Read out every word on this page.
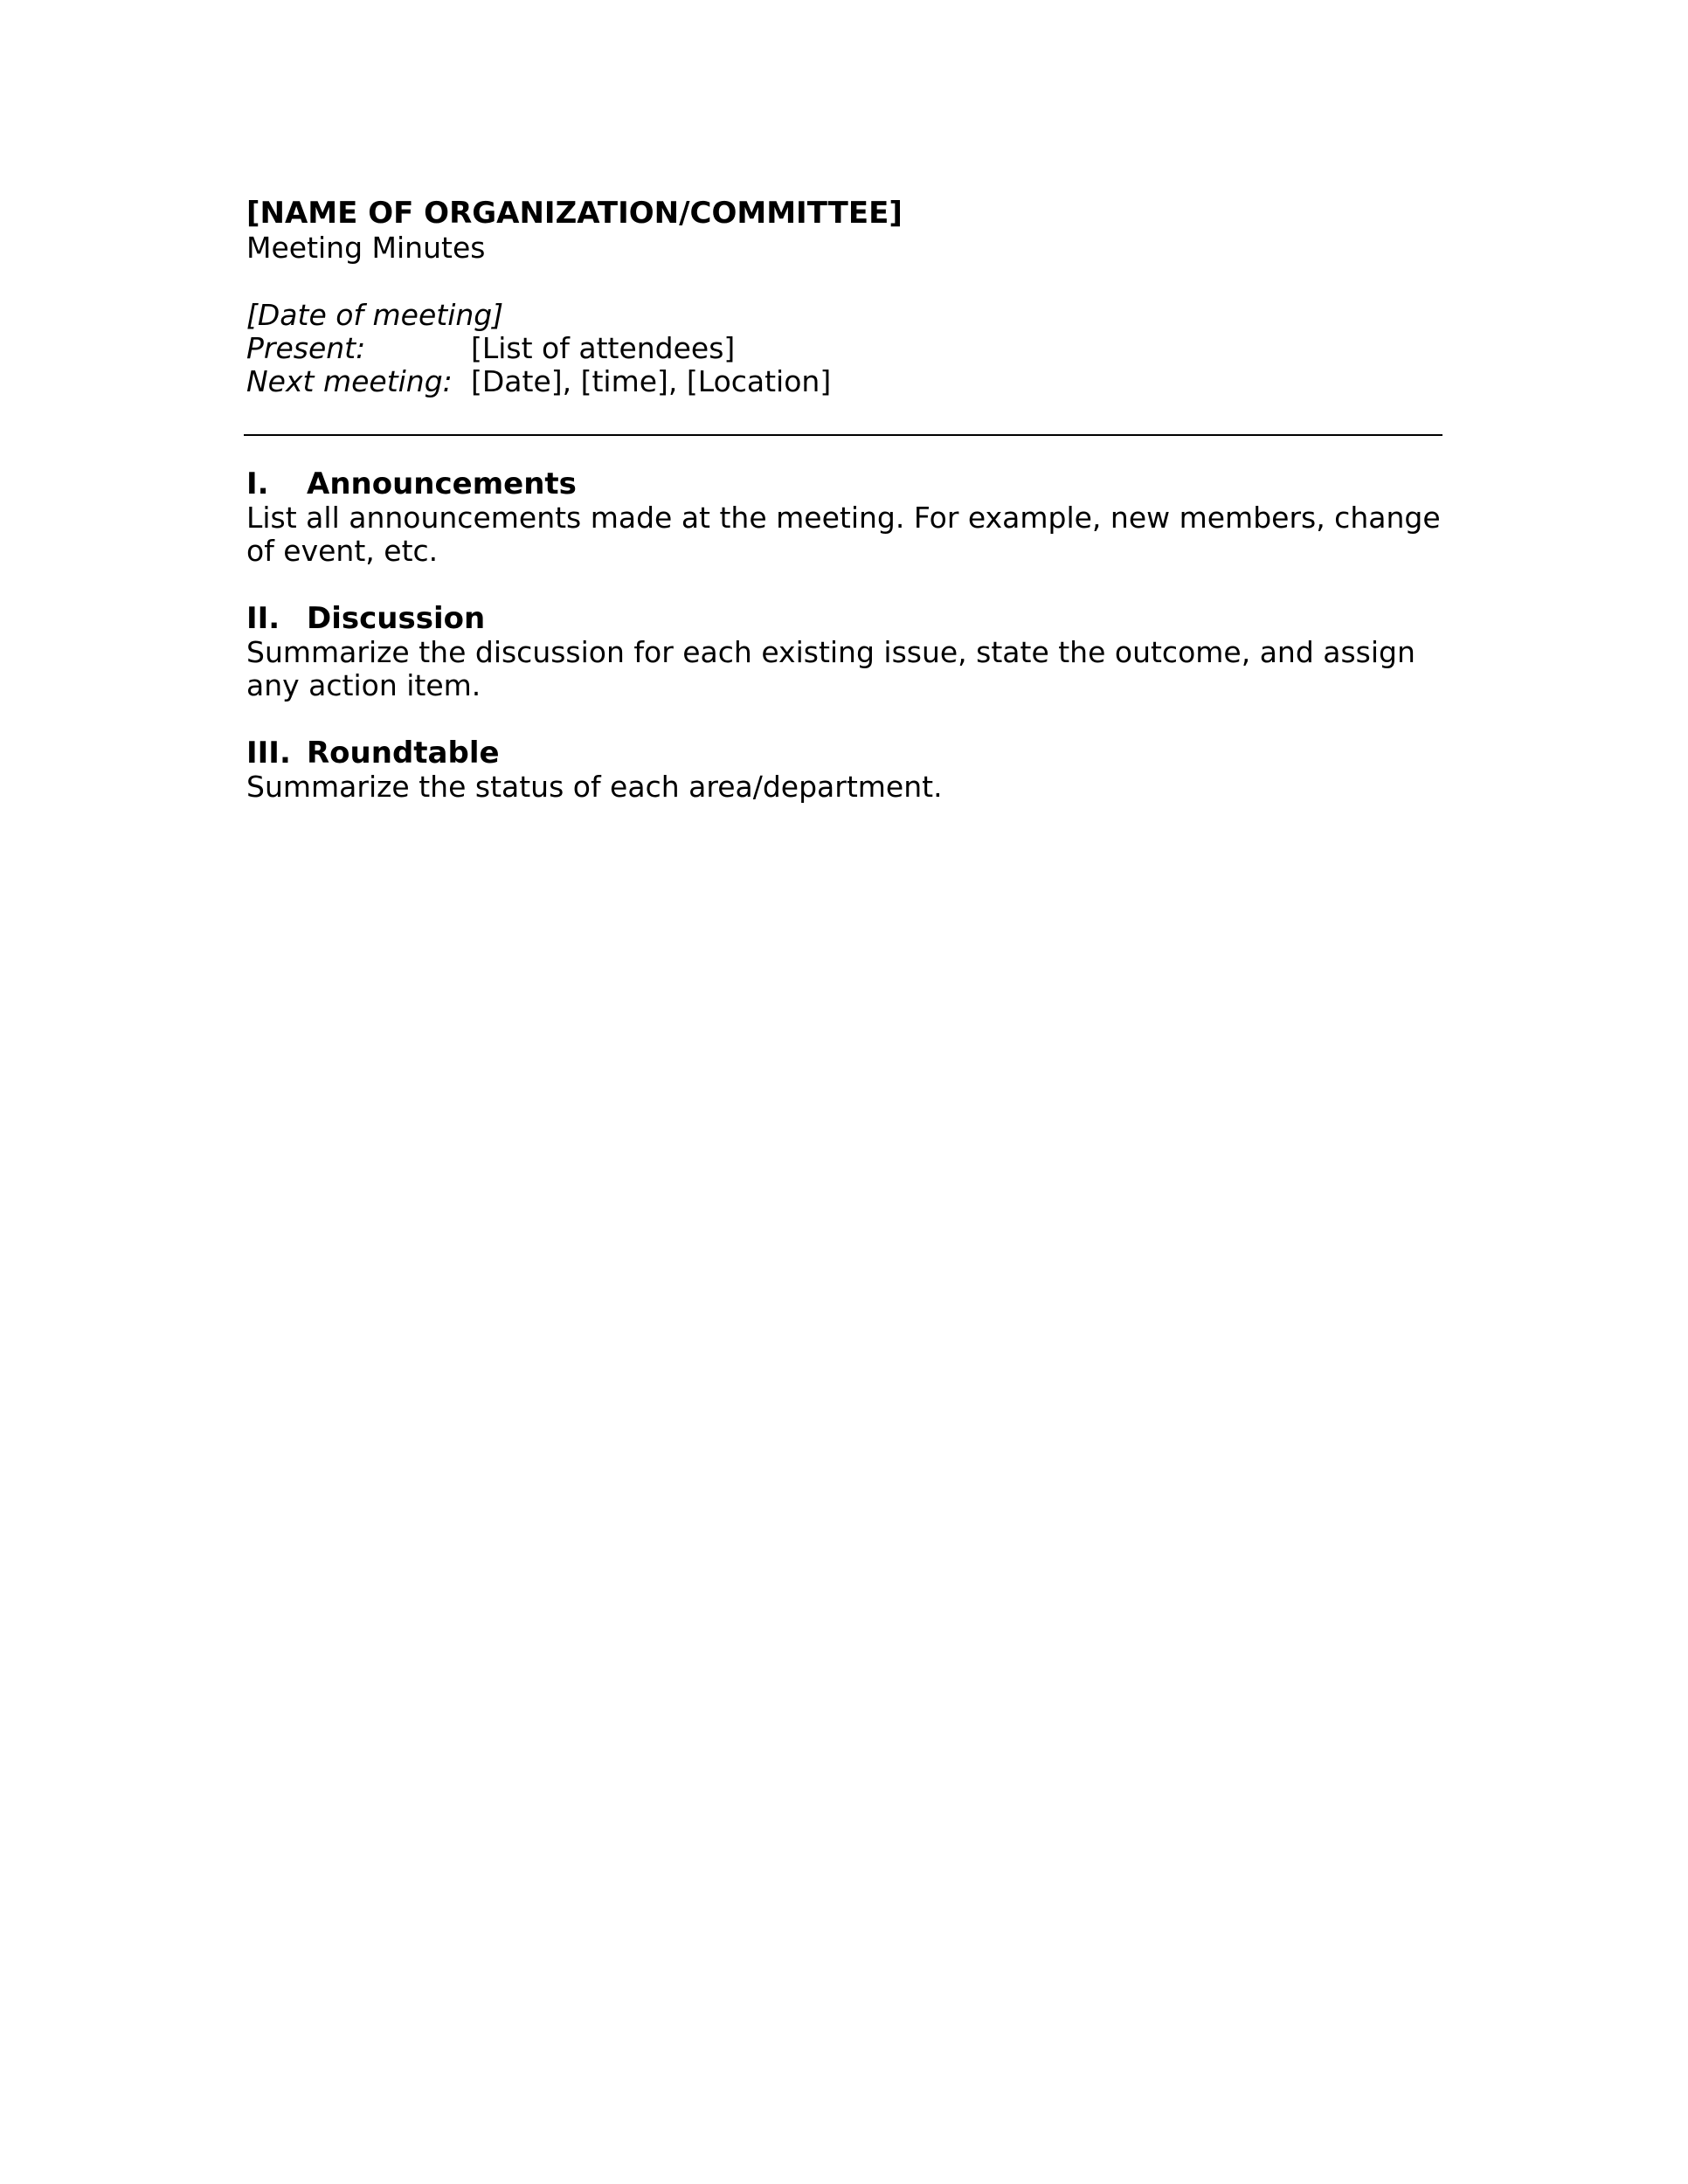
[NAME OF ORGANIZATION/COMMITTEE]

Meeting Minutes

[Date of meeting]

Present:	[List of attendees]
Next meeting: [Date], [time], [Location]
I.	Announcements

List all announcements made at the meeting. For example, new members, change of event, etc.

II. Discussion

Summarize the discussion for each existing issue, state the outcome, and assign any action item.

III. Roundtable

Summarize the status of each area/department.
